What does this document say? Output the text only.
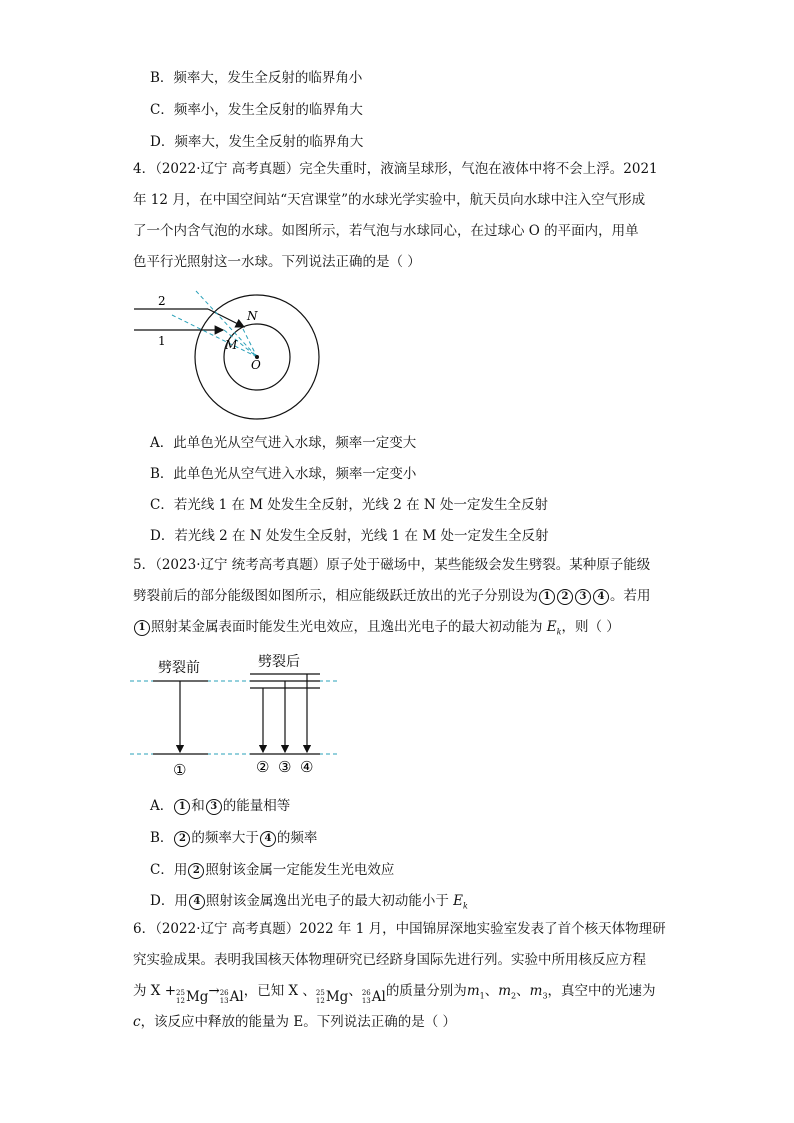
B．频率大，发生全反射的临界角小
C．频率小，发生全反射的临界角大
D．频率大，发生全反射的临界角大
4．（2022·辽宁 高考真题）完全失重时，液滴呈球形，气泡在液体中将不会上浮。2021
年 12 月，在中国空间站“天宫课堂”的水球光学实验中，航天员向水球中注入空气形成
了一个内含气泡的水球。如图所示，若气泡与水球同心，在过球心 O 的平面内，用单
色平行光照射这一水球。下列说法正确的是（ ）
2
1
N
M
O
A．此单色光从空气进入水球，频率一定变大
B．此单色光从空气进入水球，频率一定变小
C．若光线 1 在 M 处发生全反射，光线 2 在 N 处一定发生全反射
D．若光线 2 在 N 处发生全反射，光线 1 在 M 处一定发生全反射
5．（2023·辽宁 统考高考真题）原子处于磁场中，某些能级会发生劈裂。某种原子能级
劈裂前后的部分能级图如图所示，相应能级跃迁放出的光子分别设为 1 2 3 4 。若用
1 照射某金属表面时能发生光电效应，且逸出光电子的最大初动能为 $E_k$，则（ ）
劈裂前	劈裂后
①	② ③ ④
A． 1 和 3 的能量相等
B． 2 的频率大于 4 的频率
C．用 2 照射该金属一定能发生光电效应
D．用 4 照射该金属逸出光电子的最大初动能小于 $E_k$
6．（2022·辽宁 高考真题）2022 年 1 月，中国锦屏深地实验室发表了首个核天体物理研
究实验成果。表明我国核天体物理研究已经跻身国际先进行列。实验中所用核反应方程
为 X + 25
12 Mg → 26
13 Al ，已知 X 、 25
12 Mg 、 26
13 Al 的质量分别为$m_1$、$m_2$、$m_3$，真空中的光速为
c，该反应中释放的能量为 E。下列说法正确的是（ ）
